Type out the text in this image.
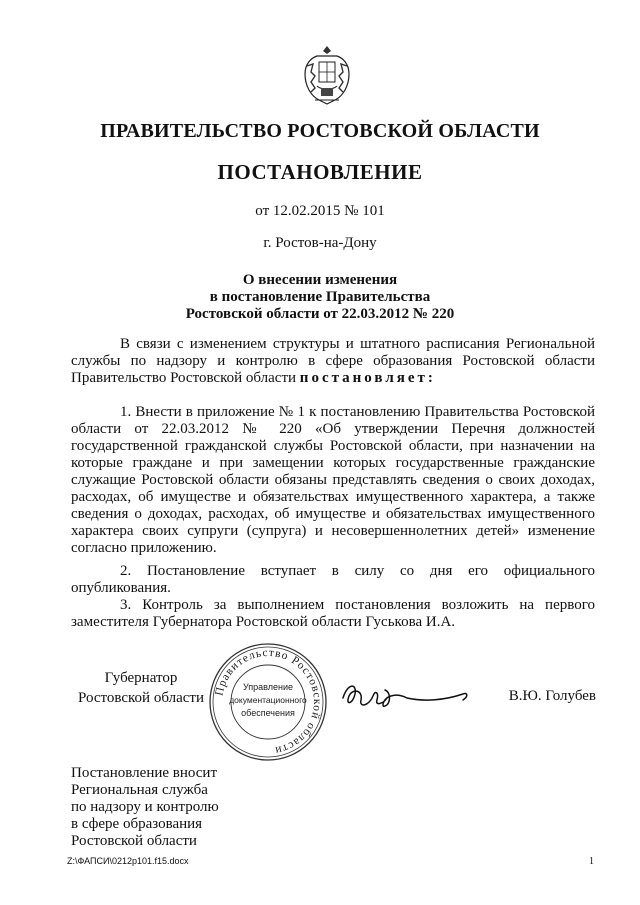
ПРАВИТЕЛЬСТВО РОСТОВСКОЙ ОБЛАСТИ
ПОСТАНОВЛЕНИЕ
от 12.02.2015 № 101
г. Ростов-на-Дону
О внесении изменения
в постановление Правительства
Ростовской области от 22.03.2012 № 220
В связи с изменением структуры и штатного расписания Региональной службы по надзору и контролю в сфере образования Ростовской области Правительство Ростовской области постановляет:
1. Внести в приложение № 1 к постановлению Правительства Ростовской области от 22.03.2012 № 220 «Об утверждении Перечня должностей государственной гражданской службы Ростовской области, при назначении на которые граждане и при замещении которых государственные гражданские служащие Ростовской области обязаны представлять сведения о своих доходах, расходах, об имуществе и обязательствах имущественного характера, а также сведения о доходах, расходах, об имуществе и обязательствах имущественного характера своих супруги (супруга) и несовершеннолетних детей» изменение согласно приложению.
2. Постановление вступает в силу со дня его официального опубликования.
3. Контроль за выполнением постановления возложить на первого заместителя Губернатора Ростовской области Гуськова И.А.
Губернатор
Ростовской области Правительство Ростовской области
Управление
документационного
обеспечения
В.Ю. Голубев
Постановление вносит
Региональная служба
по надзору и контролю
в сфере образования
Ростовской области
Z:\ФАПСИ\0212р101.f15.docx	1
